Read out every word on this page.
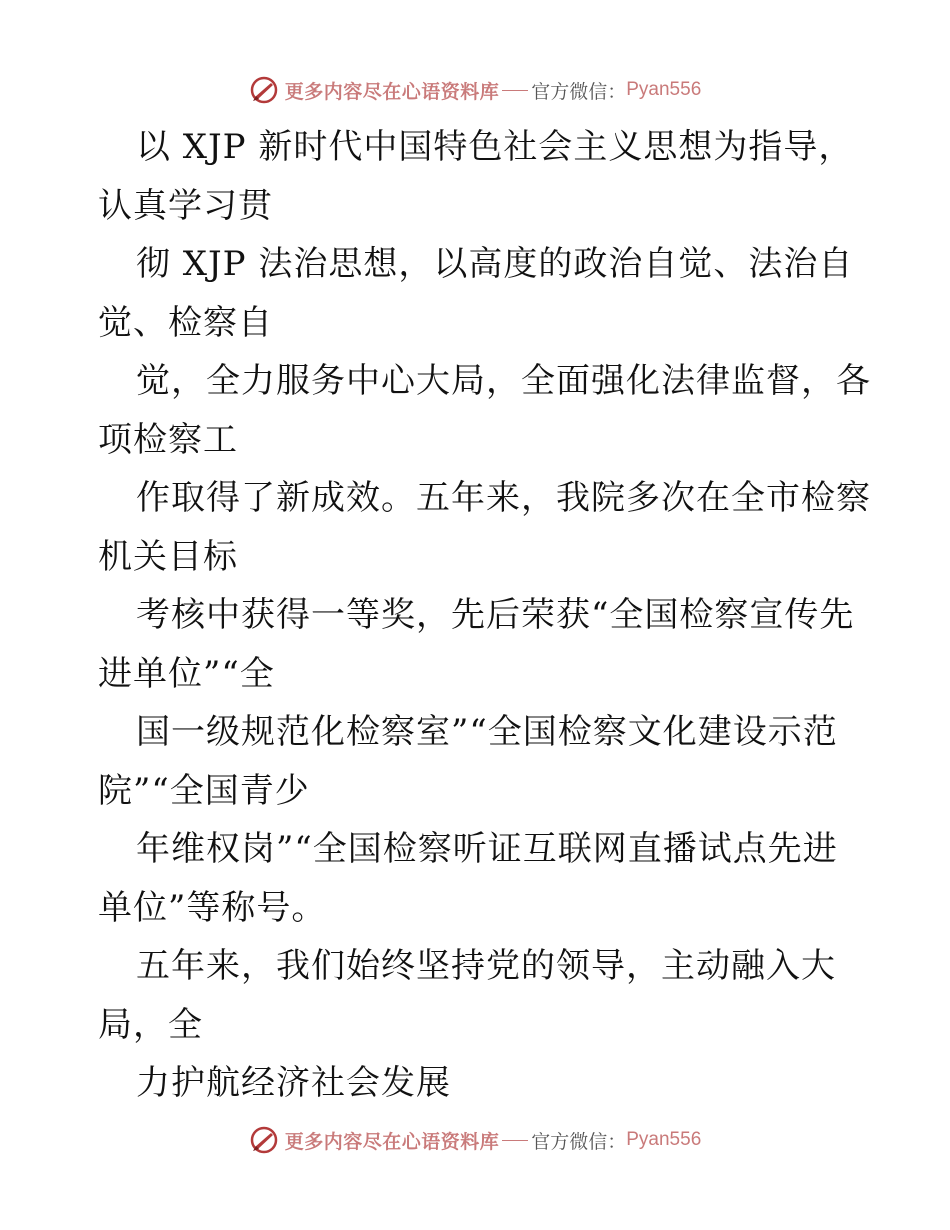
更多内容尽在心语资料库 官方微信： Pyan556
以 XJP 新时代中国特色社会主义思想为指导，
认真学习贯
彻 XJP 法治思想，以高度的政治自觉、法治自
觉、检察自
觉，全力服务中心大局，全面强化法律监督，各
项检察工
作取得了新成效。五年来，我院多次在全市检察
机关目标
考核中获得一等奖，先后荣获“全国检察宣传先
进单位”“全
国一级规范化检察室”“全国检察文化建设示范
院”“全国青少
年维权岗”“全国检察听证互联网直播试点先进
单位”等称号。
五年来，我们始终坚持党的领导，主动融入大
局，全
力护航经济社会发展
更多内容尽在心语资料库 官方微信： Pyan556
